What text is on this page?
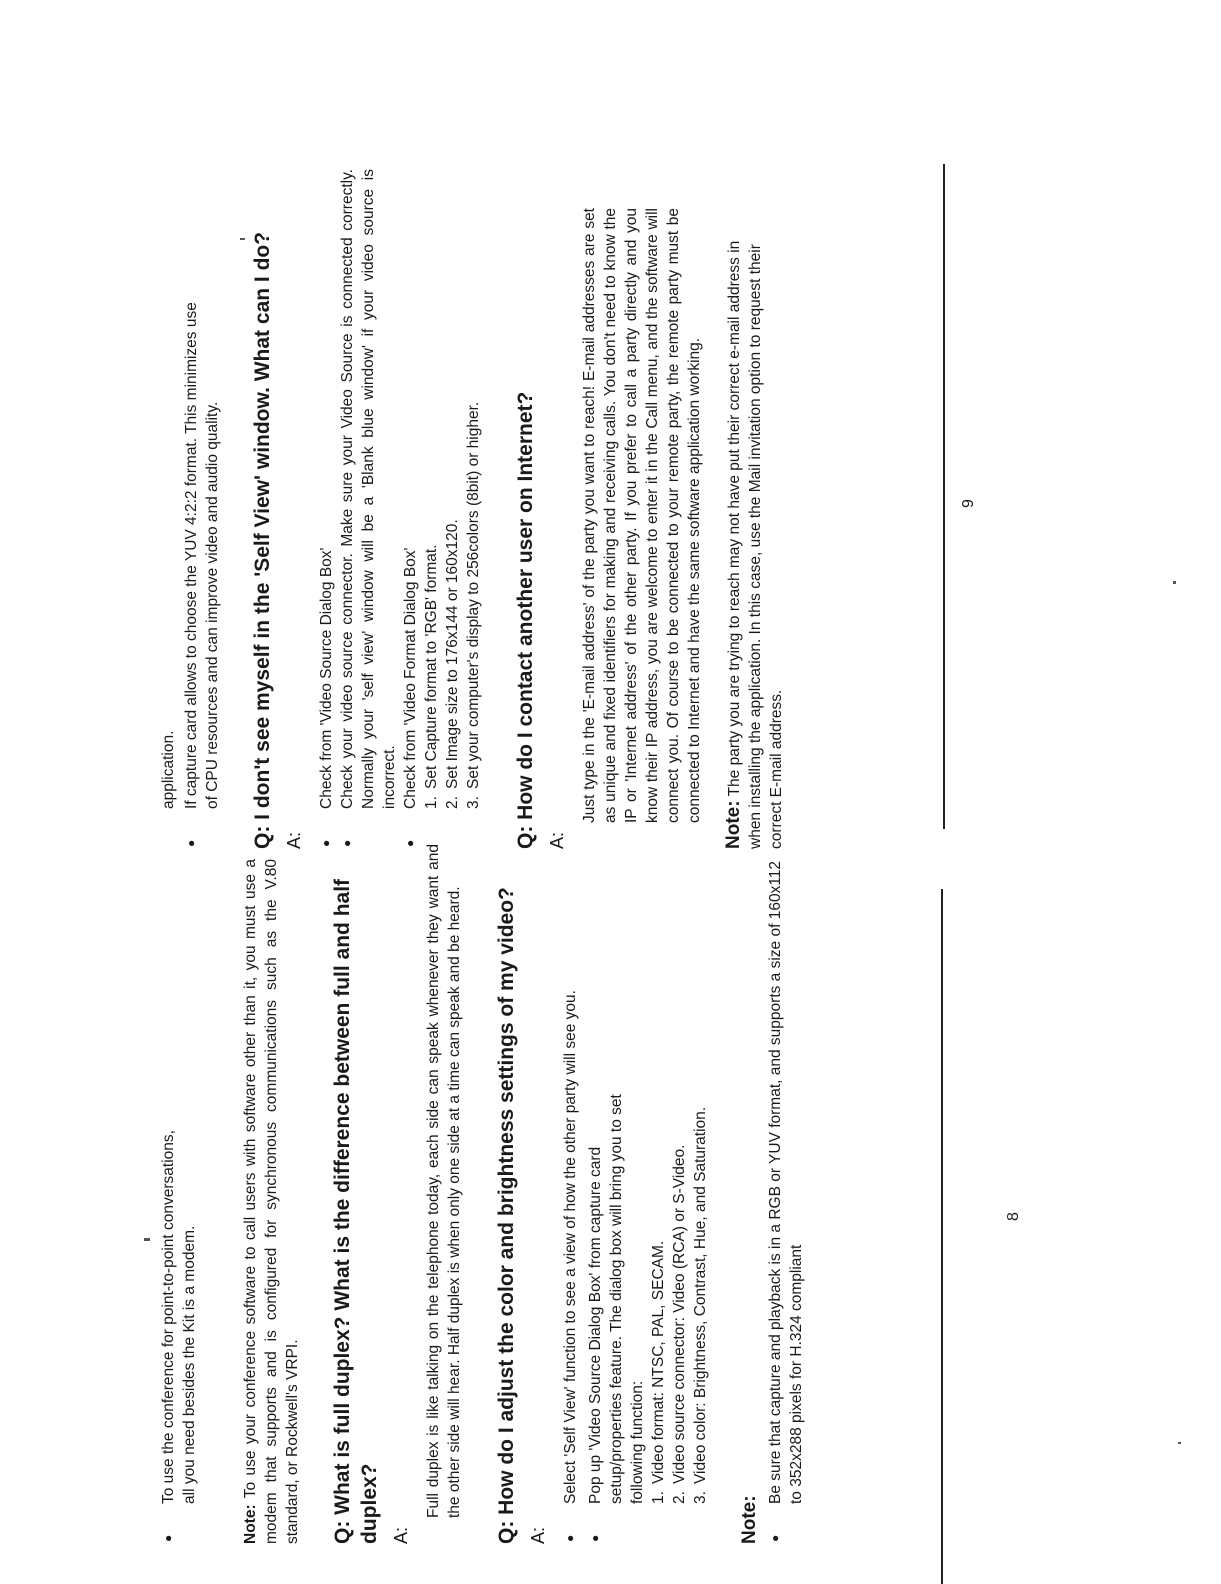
● To use the conference for point-to-point conversations, all you need besides the Kit is a modem.

Note: To use your conference software to call users with software other than it, you must use a modem that supports and is configured for synchronous communications such as the V.80 standard, or Rockwell's VRPI. Q: What is full duplex? What is the difference between full and half duplex? A:

Full duplex is like talking on the telephone today, each side can speak whenever they want and the other side will hear. Half duplex is when only one side at a time can speak and be heard. Q: How do I adjust the color and brightness settings of my video? A:
● Select 'Self View' function to see a view of how the other party will see you. ● Pop up 'Video Source Dialog Box' from capture card setup/properties feature. The dialog box will bring you to set following function: 1.
Video format: NTSC, PAL, SECAM.
2.
Video source connector: Video (RCA) or S-Video.
3.
Video color: Brightness, Contrast, Hue, and Saturation.
Note:
● Be sure that capture and playback is in a RGB or YUV format, and supports a size of 160x112 to 352x288 pixels for H.324 compliant
8
application. ● If capture card allows to choose the YUV 4:2:2 format. This minimizes use of CPU resources and can improve video and audio quality. Q: I don't see myself in the 'Self View' window. What can I do? A:
● Check from 'Video Source Dialog Box' ● Check your video source connector. Make sure your Video Source is connected correctly. Normally your 'self view' window will be a 'Blank blue window' if your video source is incorrect. ● Check from 'Video Format Dialog Box' 1.
Set Capture format to 'RGB' format.
2.
Set Image size to 176x144 or 160x120.
3.
Set your computer's display to 256colors (8bit) or higher. Q: How do I contact another user on Internet? A:

Just type in the 'E-mail address' of the party you want to reach! E-mail addresses are set as unique and fixed identifiers for making and receiving calls. You don't need to know the IP or 'Internet address' of the other party. If you prefer to call a party directly and you know their IP address, you are welcome to enter it in the Call menu, and the software will connect you. Of course to be connected to your remote party, the remote party must be connected to Internet and have the same software application working.

Note: The party you are trying to reach may not have put their correct e-mail address in when installing the application. In this case, use the Mail invitation option to request their correct E-mail address.

9
